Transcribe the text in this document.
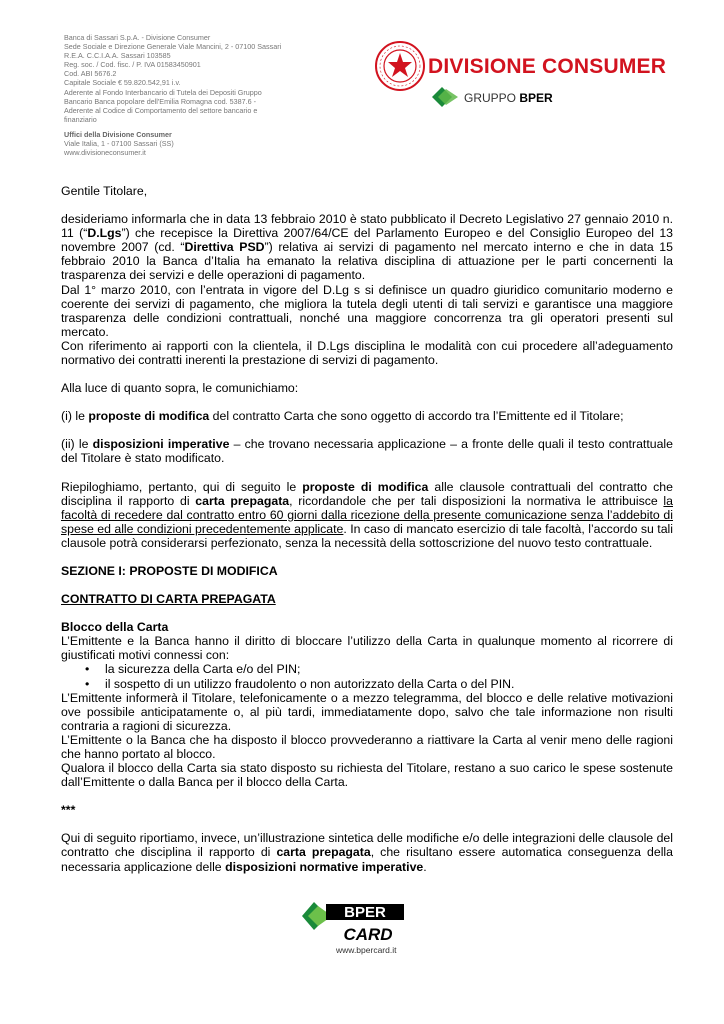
Banca di Sassari S.p.A. - Divisione Consumer
Sede Sociale e Direzione Generale Viale Mancini, 2 - 07100 Sassari
R.E.A. C.C.I.A.A. Sassari 103585
Reg. soc. / Cod. fisc. / P. IVA 01583450901
Cod. ABI 5676.2
Capitale Sociale € 59.820.542,91 i.v.
Aderente al Fondo Interbancario di Tutela dei Depositi Gruppo
Bancario Banca popolare dell'Emilia Romagna cod. 5387.6 -
Aderente al Codice di Comportamento del settore bancario e
finanziario
Uffici della Divisione Consumer
Viale Italia, 1 - 07100 Sassari (SS)
www.divisioneconsumer.it
DIVISIONE CONSUMER
GRUPPO BPER

Gentile Titolare,

desideriamo informarla che in data 13 febbraio 2010 è stato pubblicato il Decreto Legislativo 27 gennaio 2010 n. 11 (“D.Lgs”) che recepisce la Direttiva 2007/64/CE del Parlamento Europeo e del Consiglio Europeo del 13 novembre 2007 (cd. “Direttiva PSD”) relativa ai servizi di pagamento nel mercato interno e che in data 15 febbraio 2010 la Banca d’Italia ha emanato la relativa disciplina di attuazione per le parti concernenti la trasparenza dei servizi e delle operazioni di pagamento.

Dal 1° marzo 2010, con l’entrata in vigore del D.Lg s si definisce un quadro giuridico comunitario moderno e coerente dei servizi di pagamento, che migliora la tutela degli utenti di tali servizi e garantisce una maggiore trasparenza delle condizioni contrattuali, nonché una maggiore concorrenza tra gli operatori presenti sul mercato.

Con riferimento ai rapporti con la clientela, il D.Lgs disciplina le modalità con cui procedere all’adeguamento normativo dei contratti inerenti la prestazione di servizi di pagamento.

Alla luce di quanto sopra, le comunichiamo:

(i) le proposte di modifica del contratto Carta che sono oggetto di accordo tra l’Emittente ed il Titolare;

(ii) le disposizioni imperative – che trovano necessaria applicazione – a fronte delle quali il testo contrattuale del Titolare è stato modificato.

Riepiloghiamo, pertanto, qui di seguito le proposte di modifica alle clausole contrattuali del contratto che disciplina il rapporto di carta prepagata, ricordandole che per tali disposizioni la normativa le attribuisce la facoltà di recedere dal contratto entro 60 giorni dalla ricezione della presente comunicazione senza l’addebito di spese ed alle condizioni precedentemente applicate. In caso di mancato esercizio di tale facoltà, l’accordo su tali clausole potrà considerarsi perfezionato, senza la necessità della sottoscrizione del nuovo testo contrattuale.

SEZIONE I: PROPOSTE DI MODIFICA

CONTRATTO DI CARTA PREPAGATA

Blocco della Carta

L’Emittente e la Banca hanno il diritto di bloccare l’utilizzo della Carta in qualunque momento al ricorrere di giustificati motivi connessi con:

• la sicurezza della Carta e/o del PIN;
• il sospetto di un utilizzo fraudolento o non autorizzato della Carta o del PIN.

L’Emittente informerà il Titolare, telefonicamente o a mezzo telegramma, del blocco e delle relative motivazioni ove possibile anticipatamente o, al più tardi, immediatamente dopo, salvo che tale informazione non risulti contraria a ragioni di sicurezza.

L’Emittente o la Banca che ha disposto il blocco provvederanno a riattivare la Carta al venir meno delle ragioni che hanno portato al blocco.

Qualora il blocco della Carta sia stato disposto su richiesta del Titolare, restano a suo carico le spese sostenute dall’Emittente o dalla Banca per il blocco della Carta.

***

Qui di seguito riportiamo, invece, un’illustrazione sintetica delle modifiche e/o delle integrazioni delle clausole del contratto che disciplina il rapporto di carta prepagata, che risultano essere automatica conseguenza della necessaria applicazione delle disposizioni normative imperative.

BPER
CARD
www.bpercard.it
